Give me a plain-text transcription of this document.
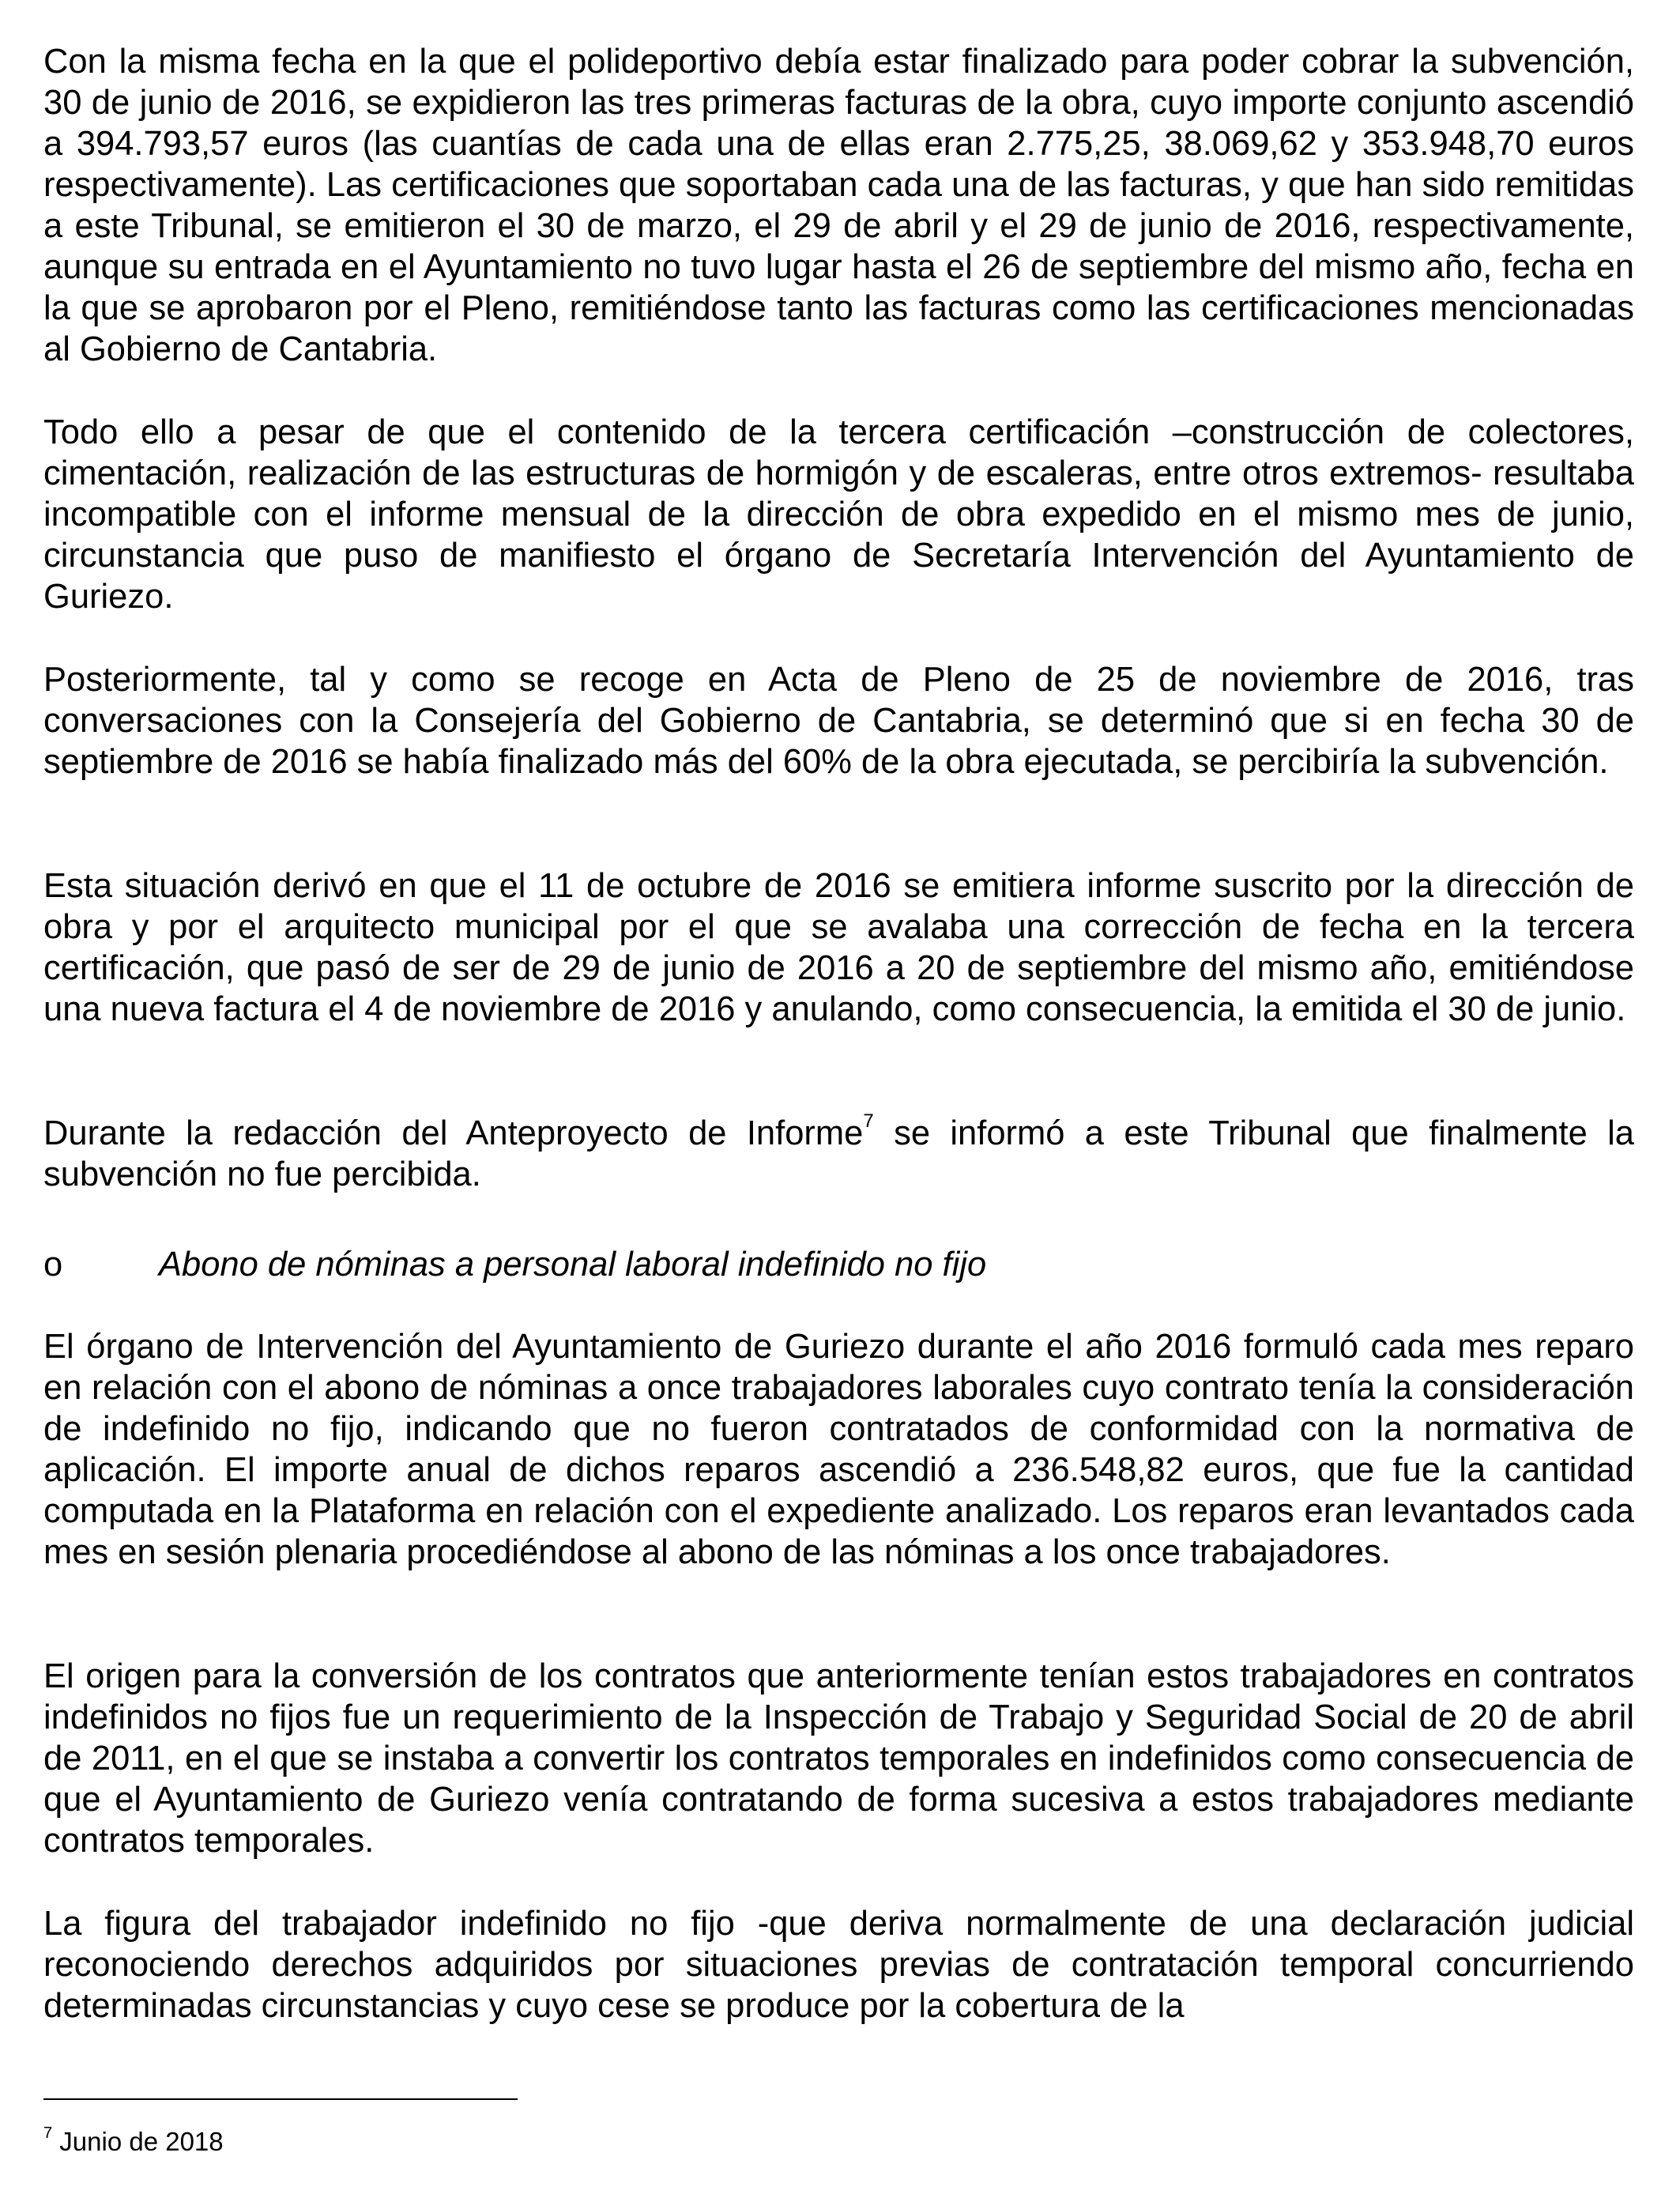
Con la misma fecha en la que el polideportivo debía estar finalizado para poder cobrar la subvención, 30 de junio de 2016, se expidieron las tres primeras facturas de la obra, cuyo importe conjunto ascendió a 394.793,57 euros (las cuantías de cada una de ellas eran 2.775,25, 38.069,62 y 353.948,70 euros respectivamente). Las certificaciones que soportaban cada una de las facturas, y que han sido remitidas a este Tribunal, se emitieron el 30 de marzo, el 29 de abril y el 29 de junio de 2016, respectivamente, aunque su entrada en el Ayuntamiento no tuvo lugar hasta el 26 de septiembre del mismo año, fecha en la que se aprobaron por el Pleno, remitiéndose tanto las facturas como las certificaciones mencionadas al Gobierno de Cantabria.

Todo ello a pesar de que el contenido de la tercera certificación –construcción de colectores, cimentación, realización de las estructuras de hormigón y de escaleras, entre otros extremos- resultaba incompatible con el informe mensual de la dirección de obra expedido en el mismo mes de junio, circunstancia que puso de manifiesto el órgano de Secretaría Intervención del Ayuntamiento de Guriezo.

Posteriormente, tal y como se recoge en Acta de Pleno de 25 de noviembre de 2016, tras conversaciones con la Consejería del Gobierno de Cantabria, se determinó que si en fecha 30 de septiembre de 2016 se había finalizado más del 60% de la obra ejecutada, se percibiría la subvención.

Esta situación derivó en que el 11 de octubre de 2016 se emitiera informe suscrito por la dirección de obra y por el arquitecto municipal por el que se avalaba una corrección de fecha en la tercera certificación, que pasó de ser de 29 de junio de 2016 a 20 de septiembre del mismo año, emitiéndose una nueva factura el 4 de noviembre de 2016 y anulando, como consecuencia, la emitida el 30 de junio.

Durante la redacción del Anteproyecto de Informe$^7$ se informó a este Tribunal que finalmente la subvención no fue percibida.

o	Abono de nóminas a personal laboral indefinido no fijo

El órgano de Intervención del Ayuntamiento de Guriezo durante el año 2016 formuló cada mes reparo en relación con el abono de nóminas a once trabajadores laborales cuyo contrato tenía la consideración de indefinido no fijo, indicando que no fueron contratados de conformidad con la normativa de aplicación. El importe anual de dichos reparos ascendió a 236.548,82 euros, que fue la cantidad computada en la Plataforma en relación con el expediente analizado. Los reparos eran levantados cada mes en sesión plenaria procediéndose al abono de las nóminas a los once trabajadores.

El origen para la conversión de los contratos que anteriormente tenían estos trabajadores en contratos indefinidos no fijos fue un requerimiento de la Inspección de Trabajo y Seguridad Social de 20 de abril de 2011, en el que se instaba a convertir los contratos temporales en indefinidos como consecuencia de que el Ayuntamiento de Guriezo venía contratando de forma sucesiva a estos trabajadores mediante contratos temporales.

La figura del trabajador indefinido no fijo -que deriva normalmente de una declaración judicial reconociendo derechos adquiridos por situaciones previas de contratación temporal concurriendo determinadas circunstancias y cuyo cese se produce por la cobertura de la

$^7$ Junio de 2018
